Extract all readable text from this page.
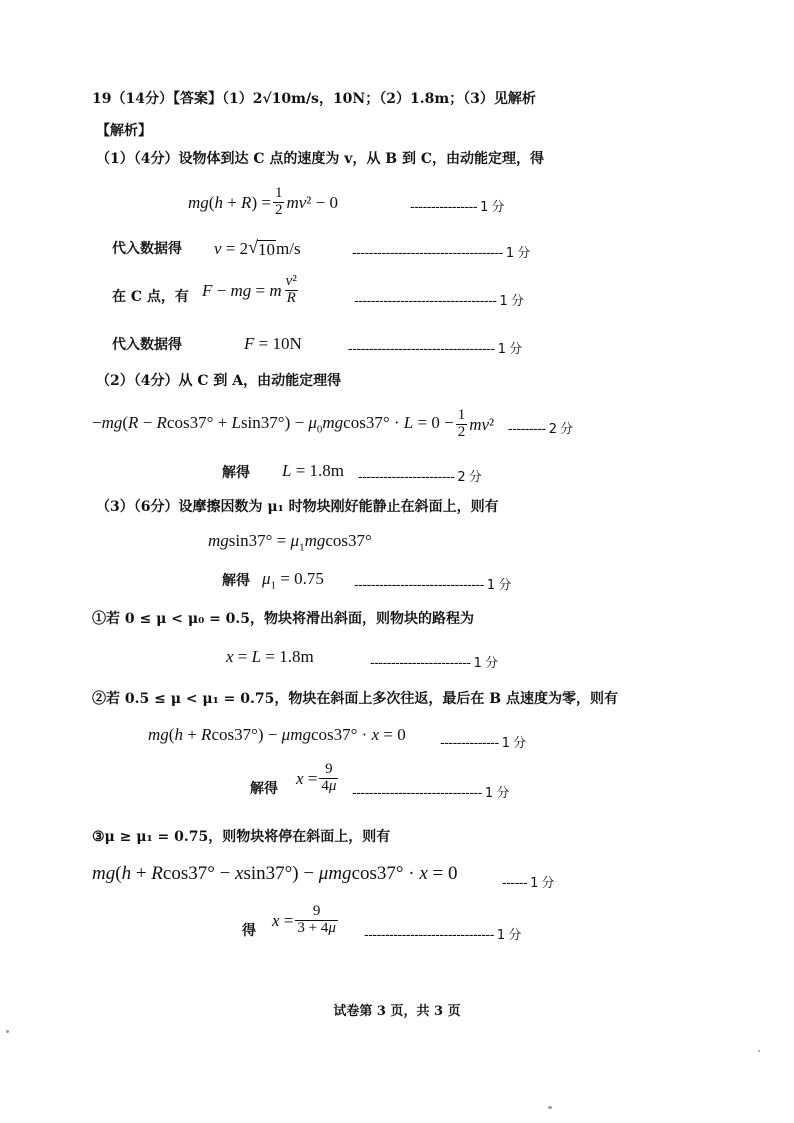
19（14分）【答案】（1）2√10m/s，10N；（2）1.8m；（3）见解析
【解析】
（1）（4分）设物体到达 C 点的速度为 v，从 B 到 C，由动能定理，得
$mg(h + R) = \frac{1}{2} mv^2 - 0$	---------------- 1 分
代入数据得 v = 2 √ 10 m/s	------------------------------------ 1 分
在 C 点，有 F − mg = m $\frac{\text{v²}}{R}$	---------------------------------- 1 分
代入数据得	F = 10N	----------------------------------- 1 分
（2）（4分）从 C 到 A，由动能定理得
$-mg(R - Rcos37^\circ + Lsin37^\circ) - \mu_0mgcos37^\circ \cdot L = 0 - \frac{1}{2} mv^2$ --------- 2 分
解得 L = 1.8m ----------------------- 2 分
（3）（6分）设摩擦因数为 μ₁ 时物块刚好能静止在斜面上，则有
$mgsin37^\circ = \mu_1mgcos37^\circ$
解得 $\mu_1 = 0.75$ ------------------------------- 1 分
①若 0 ≤ μ < μ₀ = 0.5，物块将滑出斜面，则物块的路程为
x = L = 1.8m	------------------------ 1 分
②若 0.5 ≤ μ < μ₁ = 0.75，物块在斜面上多次往返，最后在 B 点速度为零，则有
mg(h + Rcos37°) − μmgcos37° · x = 0	-------------- 1 分
解得
$x = \frac{9}{4\mu}$ ------------------------------- 1 分
③μ ≥ μ₁ = 0.75，则物块将停在斜面上，则有
mg(h + Rcos37° − xsin37°) − μmgcos37° · x = 0	------ 1 分
得
$x = \frac{9}{3 + 4\mu}$ ------------------------------- 1 分
试卷第 3 页，共 3 页
